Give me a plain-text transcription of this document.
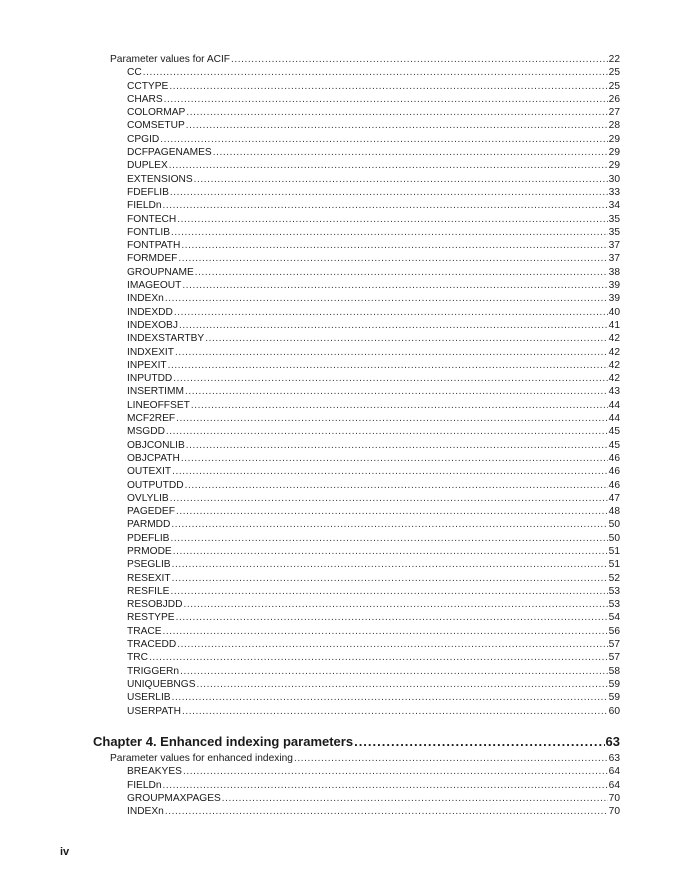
Parameter values for ACIF .....	22
CC .....	25
CCTYPE .....	25
CHARS .....	26
COLORMAP .....	27
COMSETUP .....	28
CPGID .....	29
DCFPAGENAMES .....	29
DUPLEX .....	29
EXTENSIONS .....	30
FDEFLIB .....	33
FIELDn .....	34
FONTECH .....	35
FONTLIB .....	35
FONTPATH .....	37
FORMDEF .....	37
GROUPNAME .....	38
IMAGEOUT .....	39
INDEXn .....	39
INDEXDD .....	40
INDEXOBJ .....	41
INDEXSTARTBY .....	42
INDXEXIT .....	42
INPEXIT .....	42
INPUTDD .....	42
INSERTIMM .....	43
LINEOFFSET .....	44
MCF2REF .....	44
MSGDD .....	45
OBJCONLIB .....	45
OBJCPATH .....	46
OUTEXIT .....	46
OUTPUTDD .....	46
OVLYLIB .....	47
PAGEDEF .....	48
PARMDD .....	50
PDEFLIB .....	50
PRMODE .....	51
PSEGLIB .....	51
RESEXIT .....	52
RESFILE .....	53
RESOBJDD .....	53
RESTYPE .....	54
TRACE .....	56
TRACEDD .....	57
TRC .....	57
TRIGGERn .....	58
UNIQUEBNGS .....	59
USERLIB .....	59
USERPATH .....	60
Chapter 4. Enhanced indexing parameters .....	63
Parameter values for enhanced indexing .....	63
BREAKYES .....	64
FIELDn .....	64
GROUPMAXPAGES .....	70
INDEXn .....	70
iv
